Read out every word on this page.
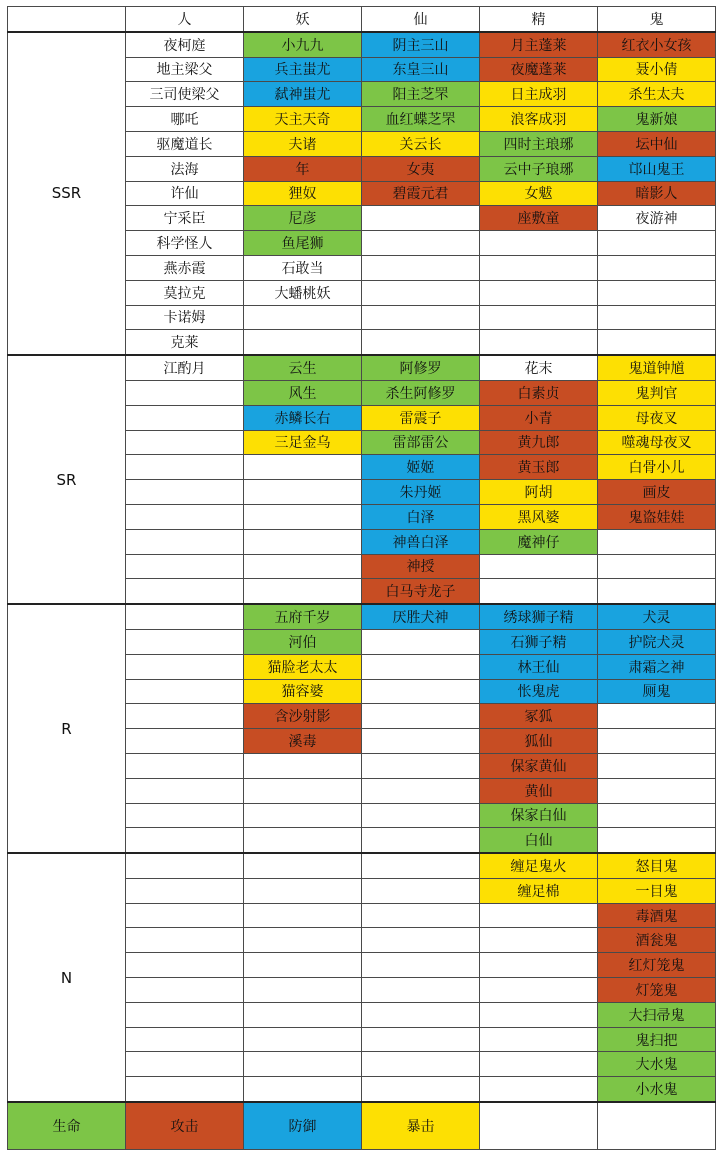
	人	妖	仙	精	鬼
SSR	夜柯庭	小九九	阴主三山	月主蓬莱	红衣小女孩
	地主梁父	兵主蚩尤	东皇三山	夜魔蓬莱	聂小倩
	三司使梁父	弑神蚩尤	阳主芝罘	日主成羽	杀生太夫
	哪吒	天主天奇	血红蝶芝罘	浪客成羽	鬼新娘
	驱魔道长	夫诸	关云长	四时主琅琊	坛中仙
	法海	年	女夷	云中子琅琊	邙山鬼王
	许仙	狸奴	碧霞元君	女魃	暗影人
	宁采臣	尼彦		座敷童	夜游神
	科学怪人	鱼尾狮			
	燕赤霞	石敢当			
	莫拉克	大蟠桃妖			
	卡诺姆				
	克莱				
SR	江酌月	云生	阿修罗	花末	鬼道钟馗
		风生	杀生阿修罗	白素贞	鬼判官
		赤鳞长右	雷震子	小青	母夜叉
		三足金乌	雷部雷公	黄九郎	噬魂母夜叉
			姬姬	黄玉郎	白骨小儿
			朱丹姬	阿胡	画皮
			白泽	黑风婆	鬼盗娃娃
			神兽白泽	魔神仔	
			神授		
			白马寺龙子		
R		五府千岁	厌胜犬神	绣球狮子精	犬灵
		河伯		石狮子精	护院犬灵
		猫脸老太太		林王仙	肃霜之神
		猫容婆		怅鬼虎	厕鬼
		含沙射影		冢狐	
		溪毒		狐仙	
				保家黄仙	
				黄仙	
				保家白仙	
				白仙	
N				缠足鬼火	怒目鬼
				缠足棉	一目鬼
					毒酒鬼
					酒瓮鬼
					红灯笼鬼
					灯笼鬼
					大扫帚鬼
					鬼扫把
					大水鬼
					小水鬼
生命	攻击	防御	暴击		
